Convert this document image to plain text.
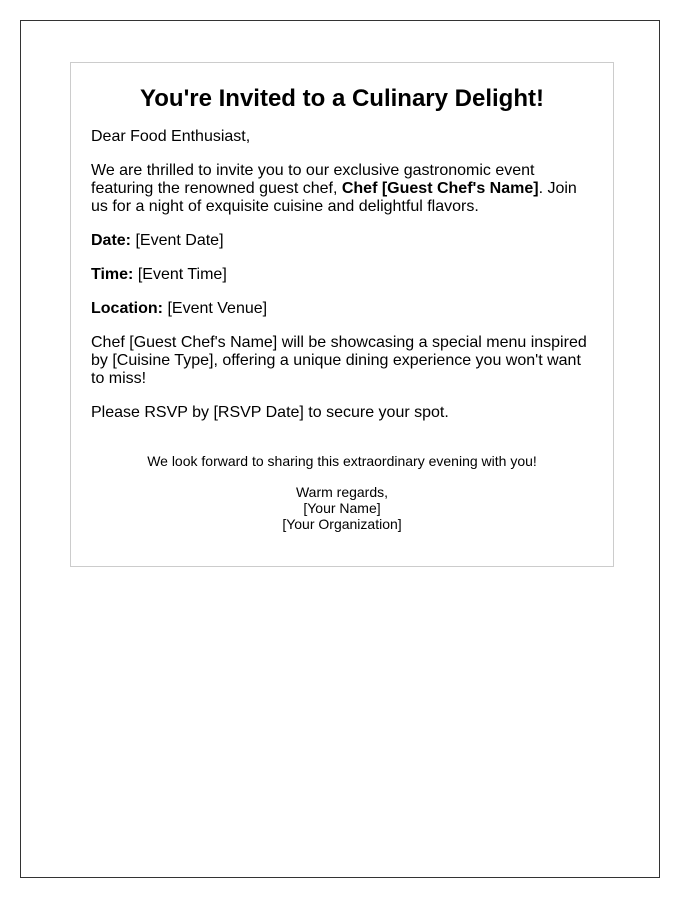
You're Invited to a Culinary Delight!

Dear Food Enthusiast,

We are thrilled to invite you to our exclusive gastronomic event featuring the renowned guest chef, Chef [Guest Chef's Name]. Join us for a night of exquisite cuisine and delightful flavors.

Date: [Event Date]

Time: [Event Time]

Location: [Event Venue]

Chef [Guest Chef's Name] will be showcasing a special menu inspired by [Cuisine Type], offering a unique dining experience you won't want to miss!

Please RSVP by [RSVP Date] to secure your spot.

We look forward to sharing this extraordinary evening with you!

Warm regards,
[Your Name]
[Your Organization]
